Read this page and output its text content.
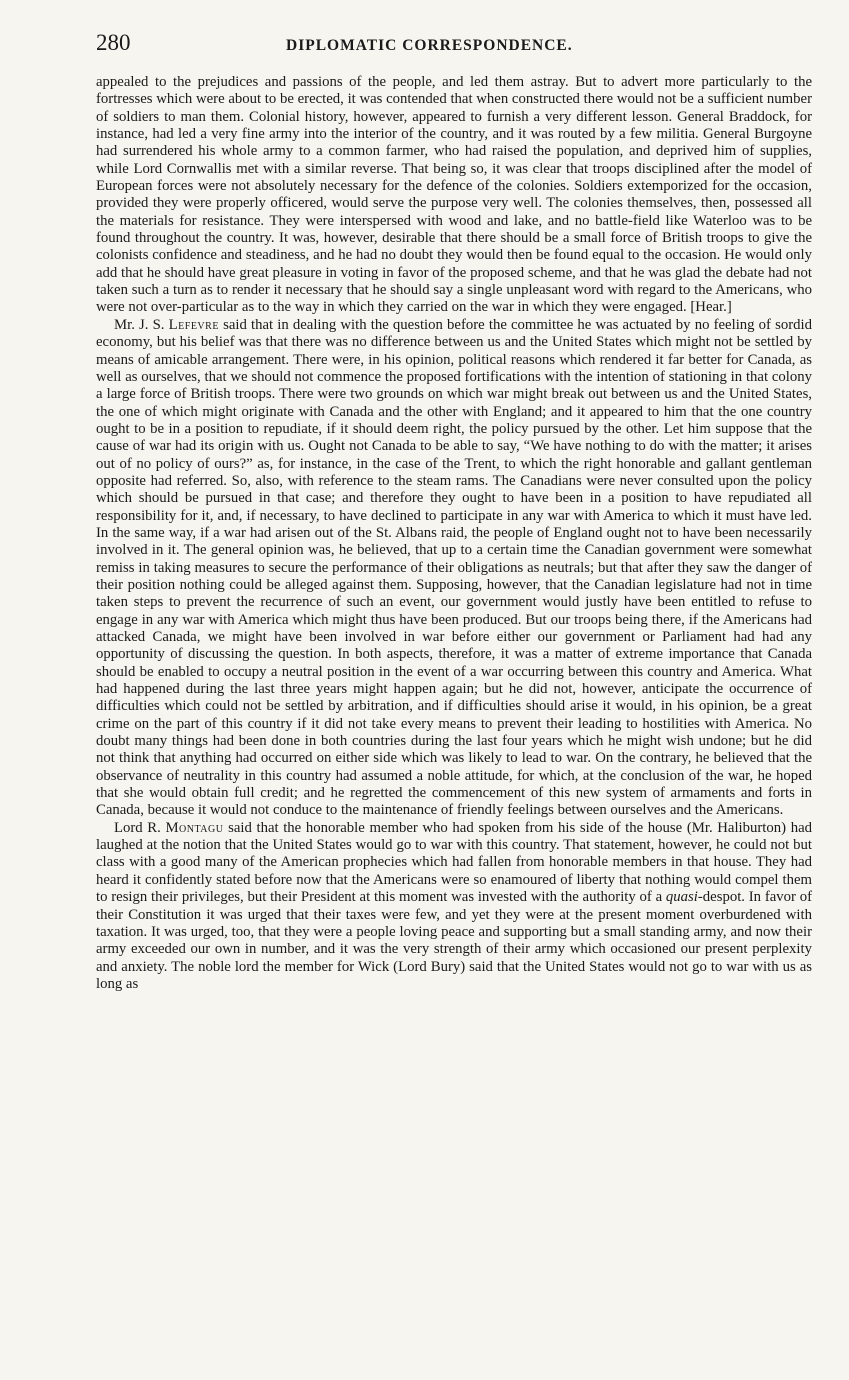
280	DIPLOMATIC CORRESPONDENCE.

appealed to the prejudices and passions of the people, and led them astray. But to advert more particularly to the fortresses which were about to be erected, it was contended that when constructed there would not be a sufficient number of soldiers to man them. Colonial history, however, appeared to furnish a very different lesson. General Braddock, for instance, had led a very fine army into the interior of the country, and it was routed by a few militia. General Burgoyne had surrendered his whole army to a common farmer, who had raised the population, and deprived him of supplies, while Lord Cornwallis met with a similar reverse. That being so, it was clear that troops disciplined after the model of European forces were not absolutely necessary for the defence of the colonies. Soldiers extemporized for the occasion, provided they were properly officered, would serve the purpose very well. The colonies themselves, then, possessed all the materials for resistance. They were interspersed with wood and lake, and no battle-field like Waterloo was to be found throughout the country. It was, however, desirable that there should be a small force of British troops to give the colonists confidence and steadiness, and he had no doubt they would then be found equal to the occasion. He would only add that he should have great pleasure in voting in favor of the proposed scheme, and that he was glad the debate had not taken such a turn as to render it necessary that he should say a single unpleasant word with regard to the Americans, who were not over-particular as to the way in which they carried on the war in which they were engaged. [Hear.]

Mr. J. S. Lefevre said that in dealing with the question before the committee he was actuated by no feeling of sordid economy, but his belief was that there was no difference between us and the United States which might not be settled by means of amicable arrangement. There were, in his opinion, political reasons which rendered it far better for Canada, as well as ourselves, that we should not commence the proposed fortifications with the intention of stationing in that colony a large force of British troops. There were two grounds on which war might break out between us and the United States, the one of which might originate with Canada and the other with England; and it appeared to him that the one country ought to be in a position to repudiate, if it should deem right, the policy pursued by the other. Let him suppose that the cause of war had its origin with us. Ought not Canada to be able to say, “We have nothing to do with the matter; it arises out of no policy of ours?” as, for instance, in the case of the Trent, to which the right honorable and gallant gentleman opposite had referred. So, also, with reference to the steam rams. The Canadians were never consulted upon the policy which should be pursued in that case; and therefore they ought to have been in a position to have repudiated all responsibility for it, and, if necessary, to have declined to participate in any war with America to which it must have led. In the same way, if a war had arisen out of the St. Albans raid, the people of England ought not to have been necessarily involved in it. The general opinion was, he believed, that up to a certain time the Canadian government were somewhat remiss in taking measures to secure the performance of their obligations as neutrals; but that after they saw the danger of their position nothing could be alleged against them. Supposing, however, that the Canadian legislature had not in time taken steps to prevent the recurrence of such an event, our government would justly have been entitled to refuse to engage in any war with America which might thus have been produced. But our troops being there, if the Americans had attacked Canada, we might have been involved in war before either our government or Parliament had had any opportunity of discussing the question. In both aspects, therefore, it was a matter of extreme importance that Canada should be enabled to occupy a neutral position in the event of a war occurring between this country and America. What had happened during the last three years might happen again; but he did not, however, anticipate the occurrence of difficulties which could not be settled by arbitration, and if difficulties should arise it would, in his opinion, be a great crime on the part of this country if it did not take every means to prevent their leading to hostilities with America. No doubt many things had been done in both countries during the last four years which he might wish undone; but he did not think that anything had occurred on either side which was likely to lead to war. On the contrary, he believed that the observance of neutrality in this country had assumed a noble attitude, for which, at the conclusion of the war, he hoped that she would obtain full credit; and he regretted the commencement of this new system of armaments and forts in Canada, because it would not conduce to the maintenance of friendly feelings between ourselves and the Americans.

Lord R. Montagu said that the honorable member who had spoken from his side of the house (Mr. Haliburton) had laughed at the notion that the United States would go to war with this country. That statement, however, he could not but class with a good many of the American prophecies which had fallen from honorable members in that house. They had heard it confidently stated before now that the Americans were so enamoured of liberty that nothing would compel them to resign their privileges, but their President at this moment was invested with the authority of a quasi-despot. In favor of their Constitution it was urged that their taxes were few, and yet they were at the present moment overburdened with taxation. It was urged, too, that they were a people loving peace and supporting but a small standing army, and now their army exceeded our own in number, and it was the very strength of their army which occasioned our present perplexity and anxiety. The noble lord the member for Wick (Lord Bury) said that the United States would not go to war with us as long as
